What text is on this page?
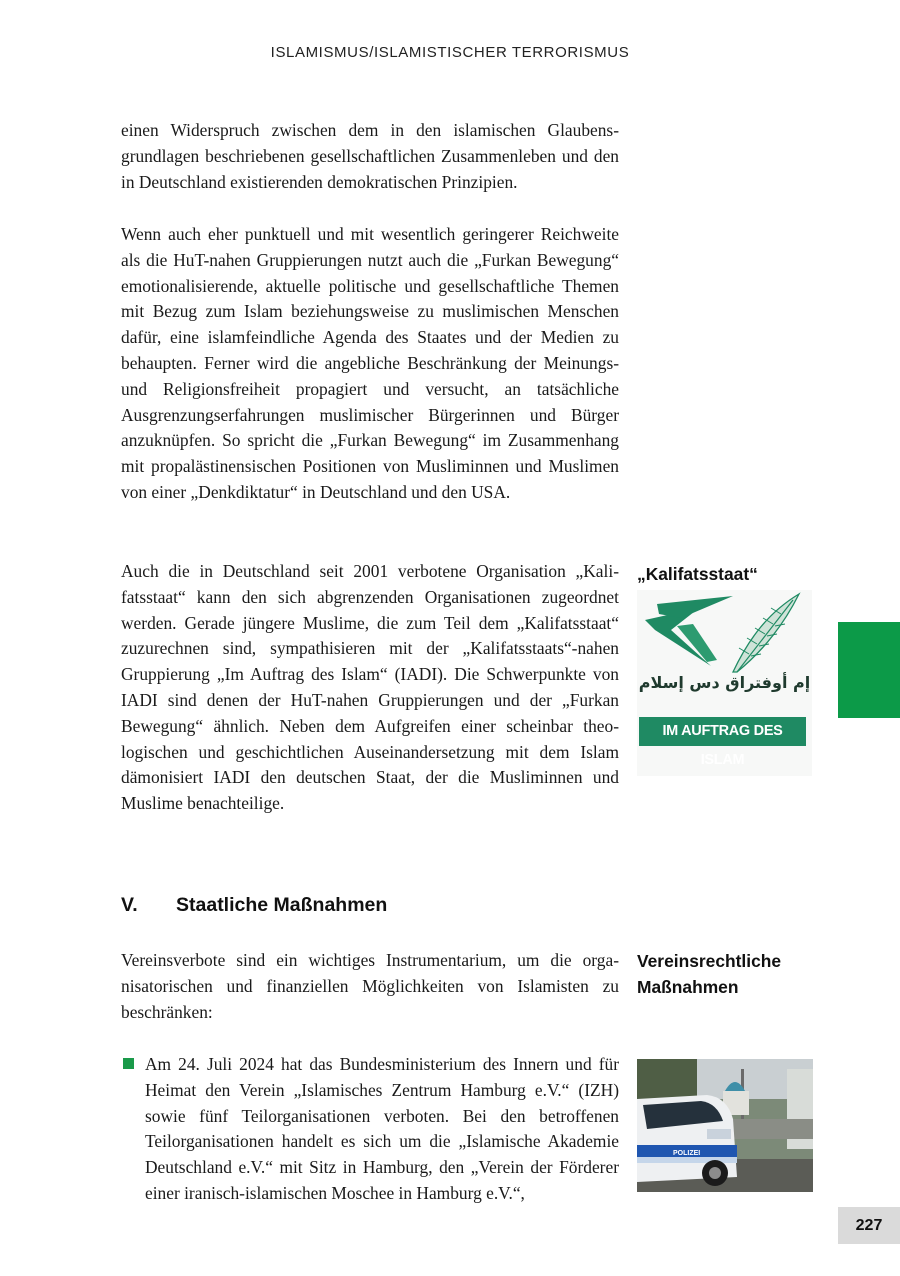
ISLAMISMUS/ISLAMISTISCHER TERRORISMUS

einen Widerspruch zwischen dem in den islamischen Glaubensgrundlagen beschriebenen gesellschaftlichen Zusammenleben und den in Deutschland existierenden demokratischen Prinzipien.

Wenn auch eher punktuell und mit wesentlich geringerer Reichweite als die HuT-nahen Gruppierungen nutzt auch die „Furkan Bewegung“ emotionalisierende, aktuelle politische und gesellschaftliche Themen mit Bezug zum Islam beziehungsweise zu muslimischen Menschen dafür, eine islamfeindliche Agenda des Staates und der Medien zu behaupten. Ferner wird die angebliche Beschränkung der Meinungs- und Religionsfreiheit propagiert und versucht, an tatsächliche Ausgrenzungserfahrungen muslimischer Bürgerinnen und Bürger anzuknüpfen. So spricht die „Furkan Bewegung“ im Zusammenhang mit propalästinensischen Positionen von Musliminnen und Muslimen von einer „Denkdiktatur“ in Deutschland und den USA.

Auch die in Deutschland seit 2001 verbotene Organisation „Kalifatsstaat“ kann den sich abgrenzenden Organisationen zugeordnet werden. Gerade jüngere Muslime, die zum Teil dem „Kalifatsstaat“ zuzurechnen sind, sympathisieren mit der „Kalifatsstaats“-nahen Gruppierung „Im Auftrag des Islam“ (IADI). Die Schwerpunkte von IADI sind denen der HuT-nahen Gruppierungen und der „Furkan Bewegung“ ähnlich. Neben dem Aufgreifen einer scheinbar theologischen und geschichtlichen Auseinandersetzung mit dem Islam dämonisiert IADI den deutschen Staat, der die Musliminnen und Muslime benachteilige.

„Kalifatsstaat“
إم أوفتراق دس إسلام
IM AUFTRAG DES ISLAM
V. Staatliche Maßnahmen

Vereinsverbote sind ein wichtiges Instrumentarium, um die organisatorischen und finanziellen Möglichkeiten von Islamisten zu beschränken:

Vereinsrechtliche Maßnahmen

Am 24. Juli 2024 hat das Bundesministerium des Innern und für Heimat den Verein „Islamisches Zentrum Hamburg e.V.“ (IZH) sowie fünf Teilorganisationen verboten. Bei den betroffenen Teilorganisationen handelt es sich um die „Islamische Akademie Deutschland e.V.“ mit Sitz in Hamburg, den „Verein der Förderer einer iranisch-islamischen Moschee in Hamburg e.V.“,

POLIZEI
227
